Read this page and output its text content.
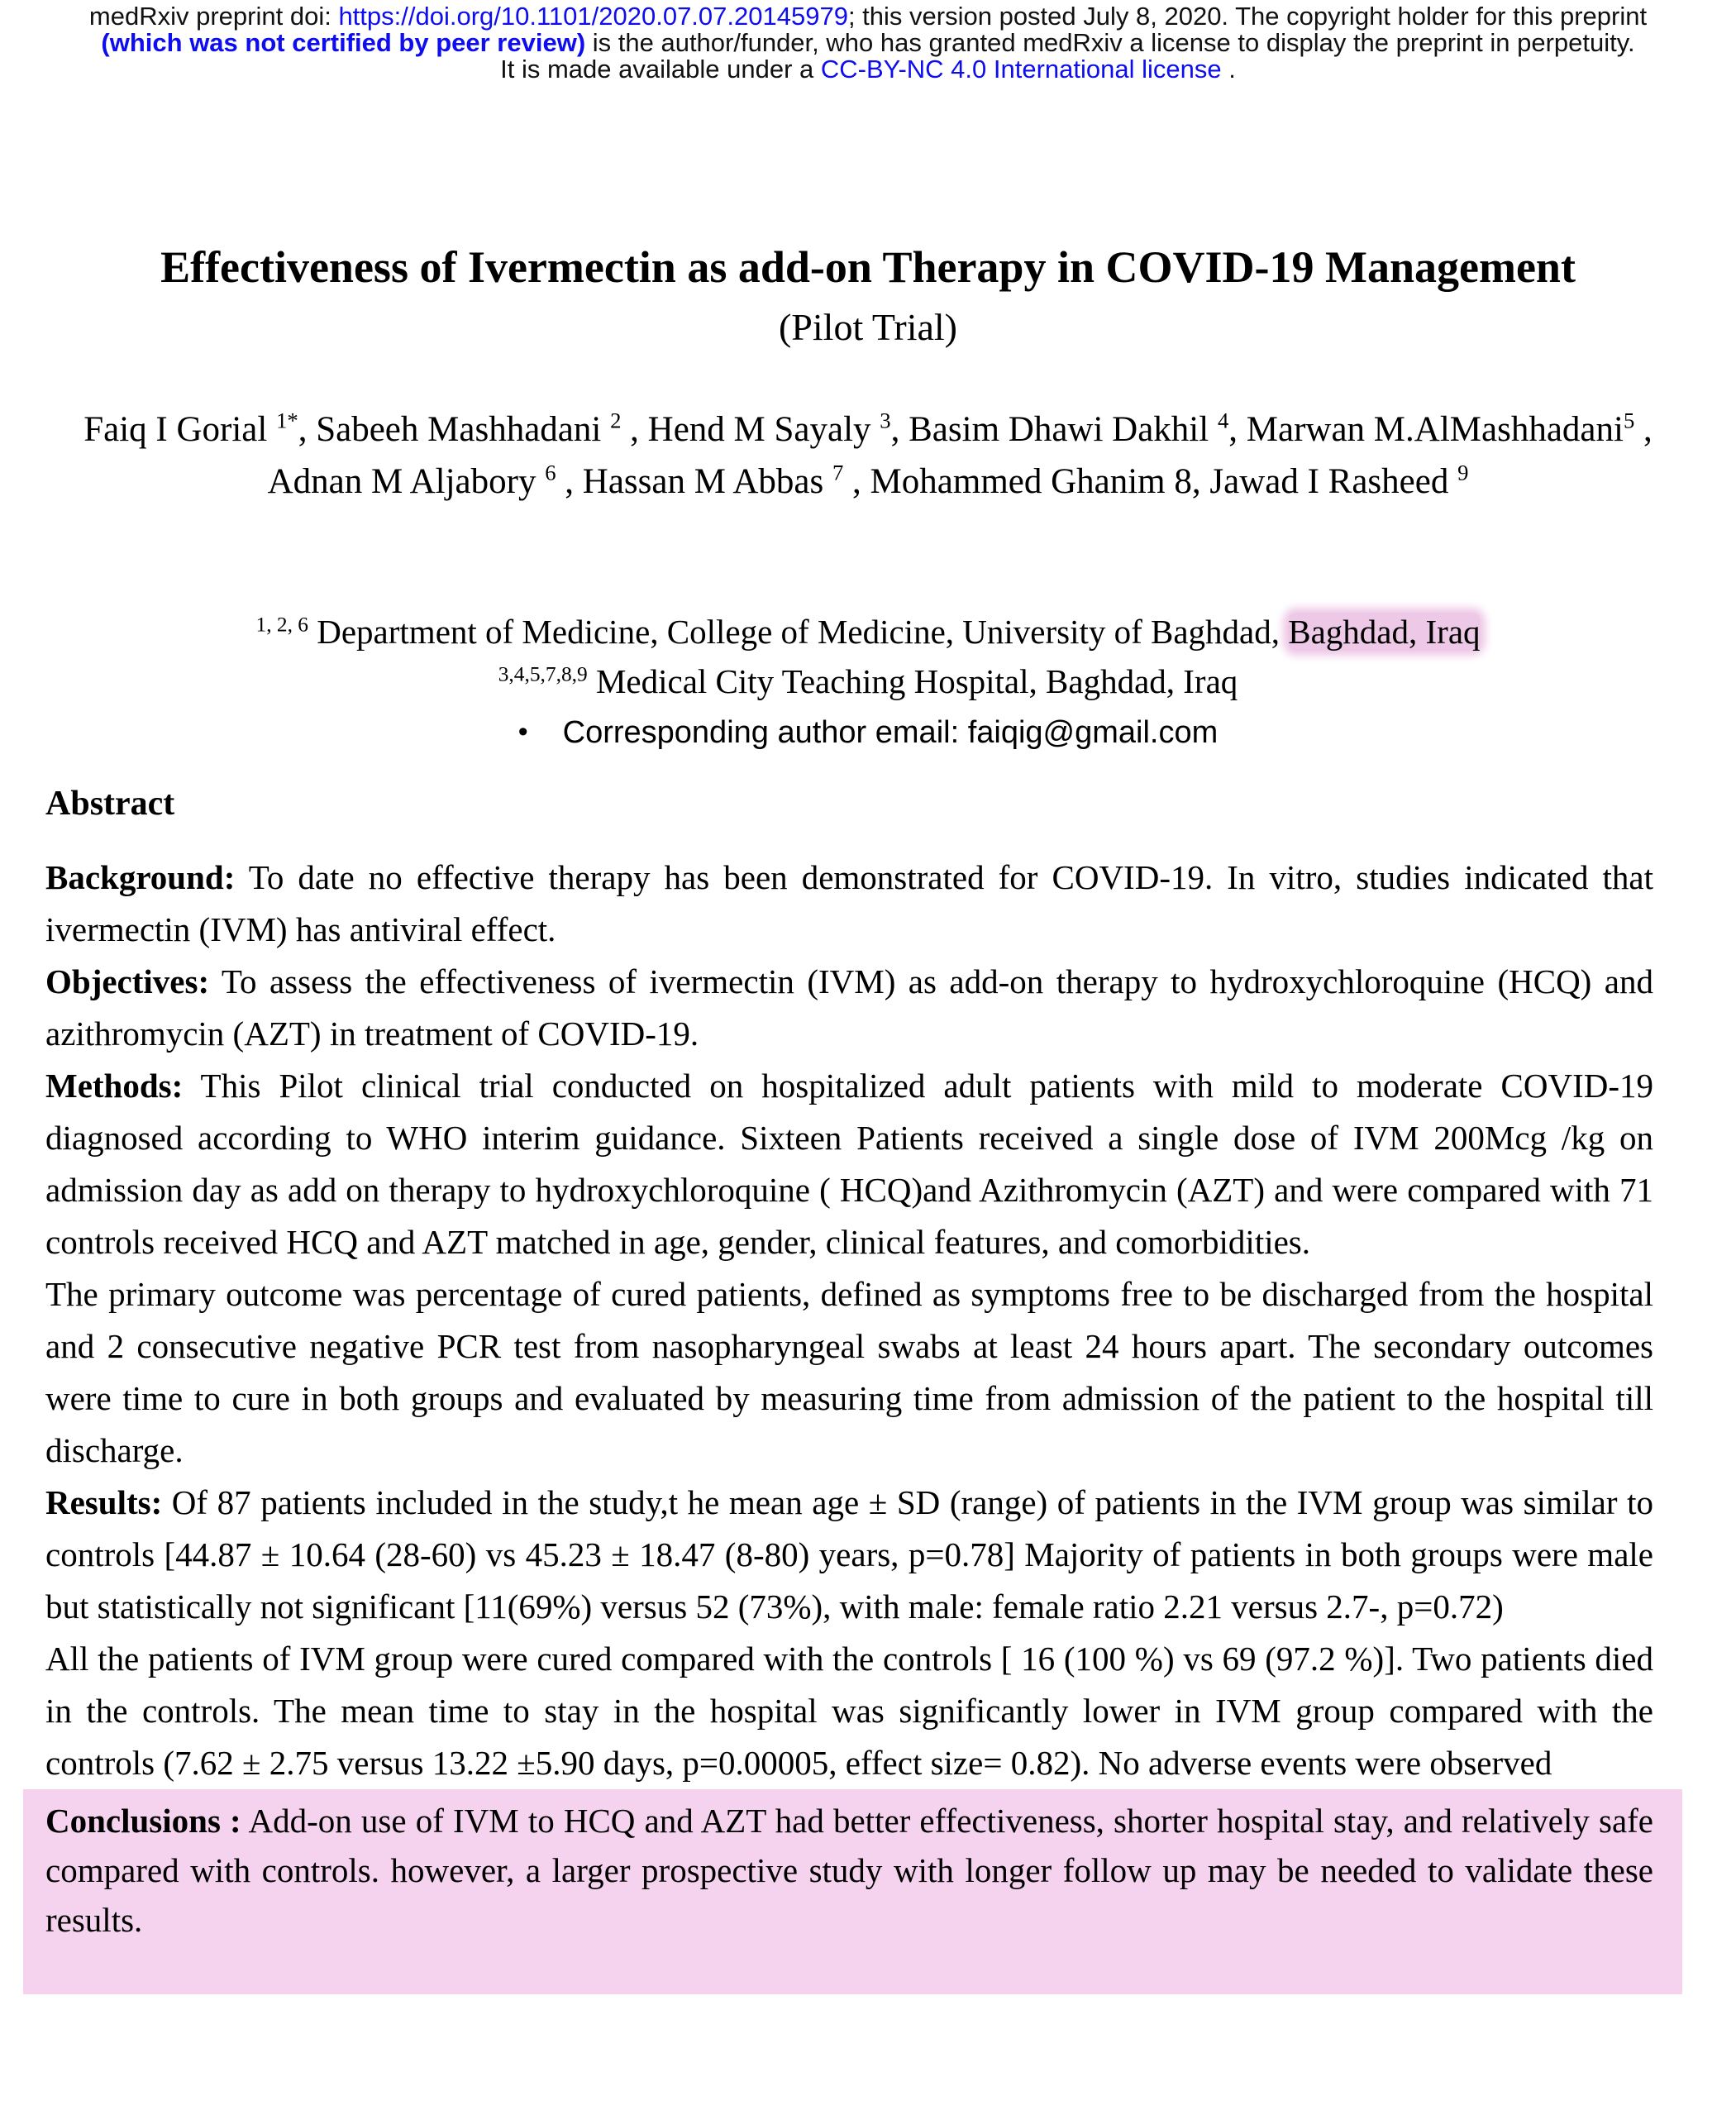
medRxiv preprint doi: https://doi.org/10.1101/2020.07.07.20145979; this version posted July 8, 2020. The copyright holder for this preprint
(which was not certified by peer review) is the author/funder, who has granted medRxiv a license to display the preprint in perpetuity.
It is made available under a CC-BY-NC 4.0 International license .
Effectiveness of Ivermectin as add-on Therapy in COVID-19 Management
(Pilot Trial)
Faiq I Gorial $^{1*}$, Sabeeh Mashhadani $^2$ , Hend M Sayaly $^3$, Basim Dhawi Dakhil $^4$, Marwan M.AlMashhadani$^5$ , Adnan M Aljabory $^6$ , Hassan M Abbas $^7$ , Mohammed Ghanim 8, Jawad I Rasheed $^9$
$^{1, 2, 6}$ Department of Medicine, College of Medicine, University of Baghdad, Baghdad, Iraq
$^{3,4,5,7,8,9}$ Medical City Teaching Hospital, Baghdad, Iraq
• Corresponding author email: faiqig@gmail.com
Abstract

Background: To date no effective therapy has been demonstrated for COVID-19. In vitro, studies indicated that ivermectin (IVM) has antiviral effect.

Objectives: To assess the effectiveness of ivermectin (IVM) as add-on therapy to hydroxychloroquine (HCQ) and azithromycin (AZT) in treatment of COVID-19.

Methods: This Pilot clinical trial conducted on hospitalized adult patients with mild to moderate COVID-19 diagnosed according to WHO interim guidance. Sixteen Patients received a single dose of IVM 200Mcg /kg on admission day as add on therapy to hydroxychloroquine ( HCQ)and Azithromycin (AZT) and were compared with 71 controls received HCQ and AZT matched in age, gender, clinical features, and comorbidities.

The primary outcome was percentage of cured patients, defined as symptoms free to be discharged from the hospital and 2 consecutive negative PCR test from nasopharyngeal swabs at least 24 hours apart. The secondary outcomes were time to cure in both groups and evaluated by measuring time from admission of the patient to the hospital till discharge.

Results: Of 87 patients included in the study,t he mean age ± SD (range) of patients in the IVM group was similar to controls [44.87 ± 10.64 (28-60) vs 45.23 ± 18.47 (8-80) years, p=0.78] Majority of patients in both groups were male but statistically not significant [11(69%) versus 52 (73%), with male: female ratio 2.21 versus 2.7-, p=0.72)

All the patients of IVM group were cured compared with the controls [ 16 (100 %) vs 69 (97.2 %)]. Two patients died in the controls. The mean time to stay in the hospital was significantly lower in IVM group compared with the controls (7.62 ± 2.75 versus 13.22 ±5.90 days, p=0.00005, effect size= 0.82). No adverse events were observed

Conclusions : Add-on use of IVM to HCQ and AZT had better effectiveness, shorter hospital stay, and relatively safe compared with controls. however, a larger prospective study with longer follow up may be needed to validate these results.
